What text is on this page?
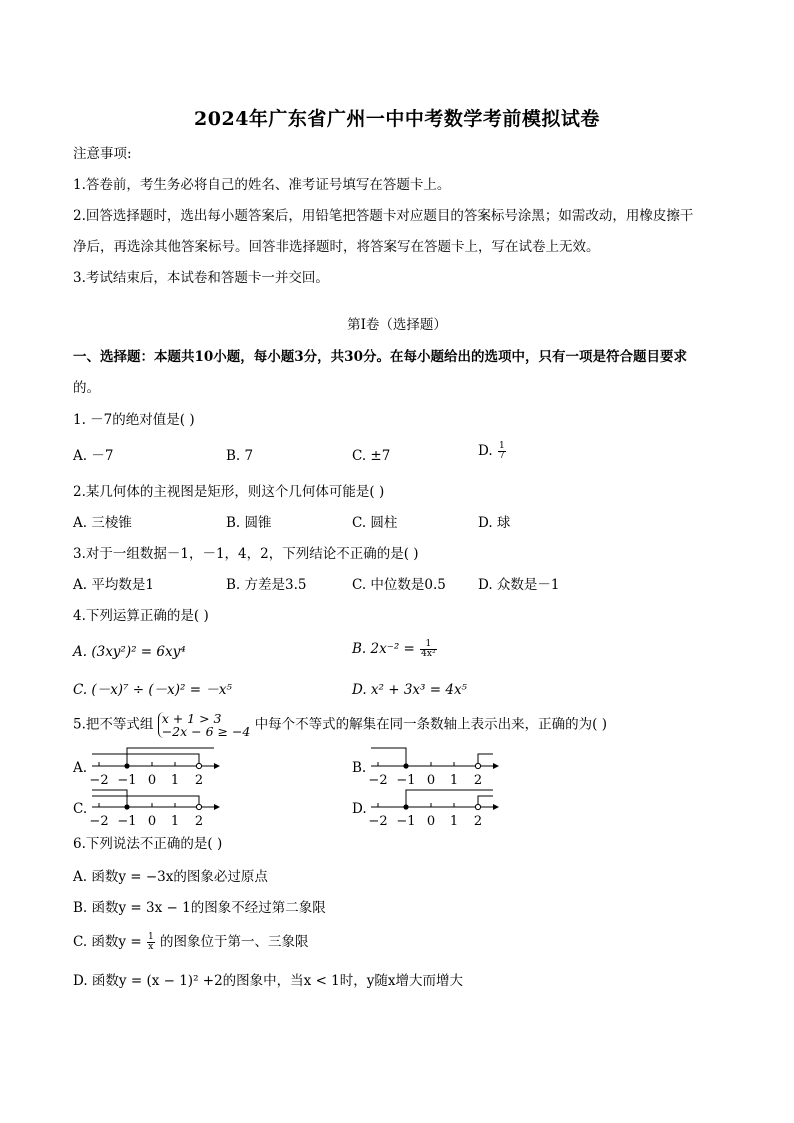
2024年广东省广州一中中考数学考前模拟试卷
注意事项:
1.答卷前，考生务必将自己的姓名、准考证号填写在答题卡上。
2.回答选择题时，选出每小题答案后，用铅笔把答题卡对应题目的答案标号涂黑；如需改动，用橡皮擦干
净后，再选涂其他答案标号。回答非选择题时，将答案写在答题卡上，写在试卷上无效。
3.考试结束后，本试卷和答题卡一并交回。
第I卷（选择题）
一、选择题：本题共10小题，每小题3分，共30分。在每小题给出的选项中，只有一项是符合题目要求
的。
1. －7的绝对值是( )
A. －7	B. 7	C. ±7	D. $\frac{1}{7}$
2.某几何体的主视图是矩形，则这个几何体可能是( )
A. 三棱锥	B. 圆锥	C. 圆柱	D. 球
3.对于一组数据－1，－1，4，2，下列结论不正确的是( )
A. 平均数是1	B. 方差是3.5	C. 中位数是0.5 D. 众数是－1
4.下列运算正确的是( )
A. (3xy²)² = 6xy⁴	B. $2x^{-2} = \frac{1}{\text{4x²}}$
C. (－x)⁷ ÷ (－x)² = －x⁵	D. x² + 3x³ = 4x⁵
5.把不等式组 x + 1 > 3
−2x − 6 ≥ −4 中每个不等式的解集在同一条数轴上表示出来，正确的为( )
A.
−2 −1 0 1 2
B.
−2 −1 0 1 2
C.
−2 −1 0 1 2
D.
−2 −1 0 1 2
6.下列说法不正确的是( )
A. 函数y = −3x的图象必过原点
B. 函数y = 3x − 1的图象不经过第二象限
C. 函数$y = \frac{1}{x}$ 的图象位于第一、三象限
D. 函数y = (x − 1)² +2的图象中，当x < 1时，y随x增大而增大
